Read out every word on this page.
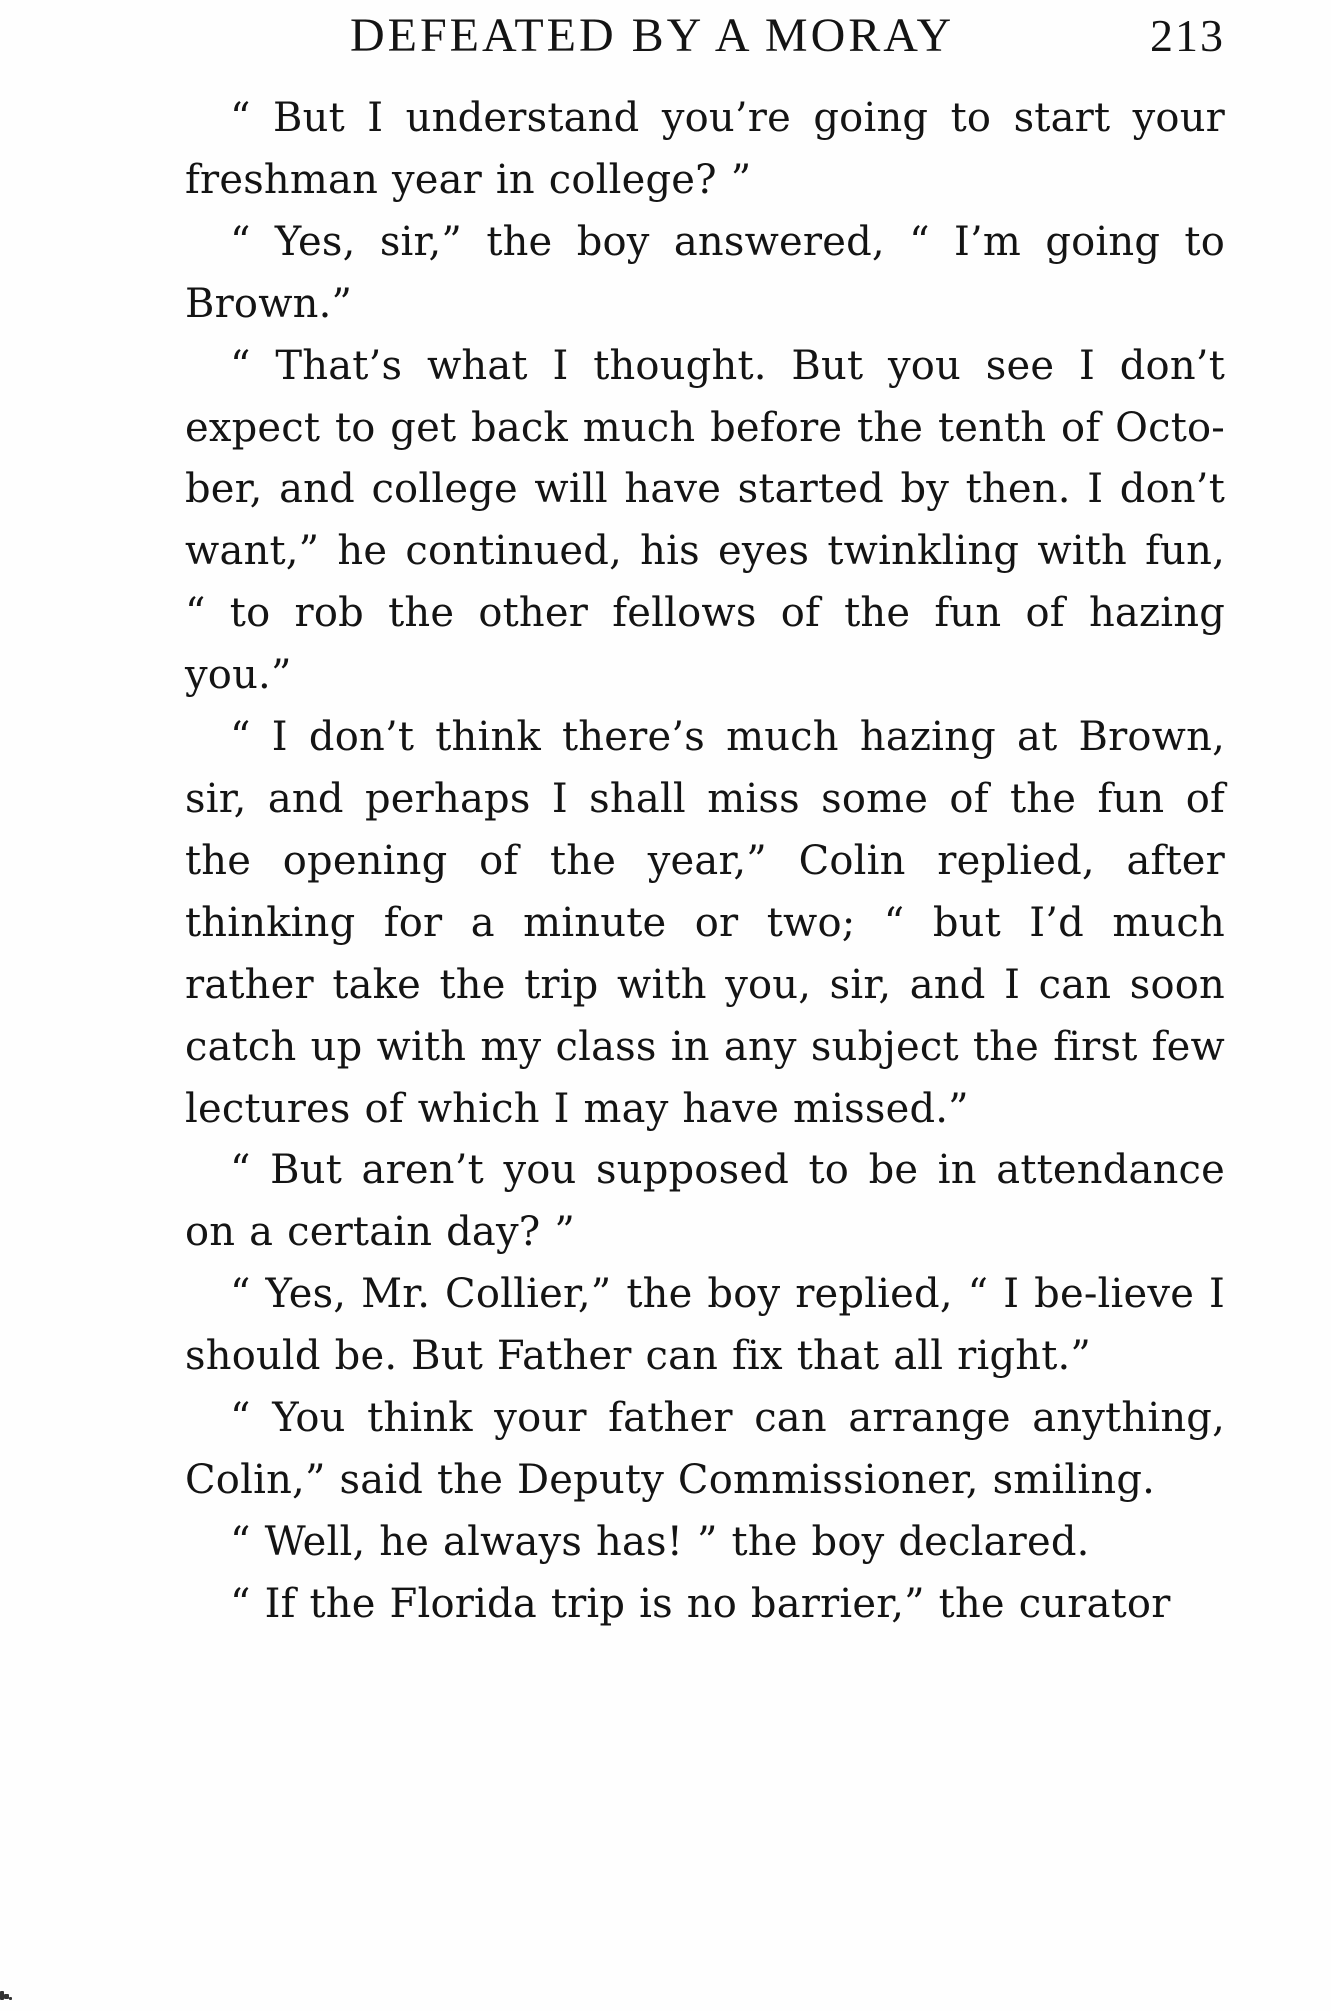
DEFEATED BY A MORAY	213

“ But I understand you’re going to start your freshman year in college? ”

“ Yes, sir,” the boy answered, “ I’m going to Brown.”

“ That’s what I thought. But you see I don’t expect to get back much before the tenth of Octo-ber, and college will have started by then. I don’t want,” he continued, his eyes twinkling with fun, “ to rob the other fellows of the fun of hazing you.”

“ I don’t think there’s much hazing at Brown, sir, and perhaps I shall miss some of the fun of the opening of the year,” Colin replied, after thinking for a minute or two; “ but I’d much rather take the trip with you, sir, and I can soon catch up with my class in any subject the first few lectures of which I may have missed.”

“ But aren’t you supposed to be in attendance on a certain day? ”

“ Yes, Mr. Collier,” the boy replied, “ I be-lieve I should be. But Father can fix that all right.”

“ You think your father can arrange anything, Colin,” said the Deputy Commissioner, smiling.

“ Well, he always has! ” the boy declared.

“ If the Florida trip is no barrier,” the curator
